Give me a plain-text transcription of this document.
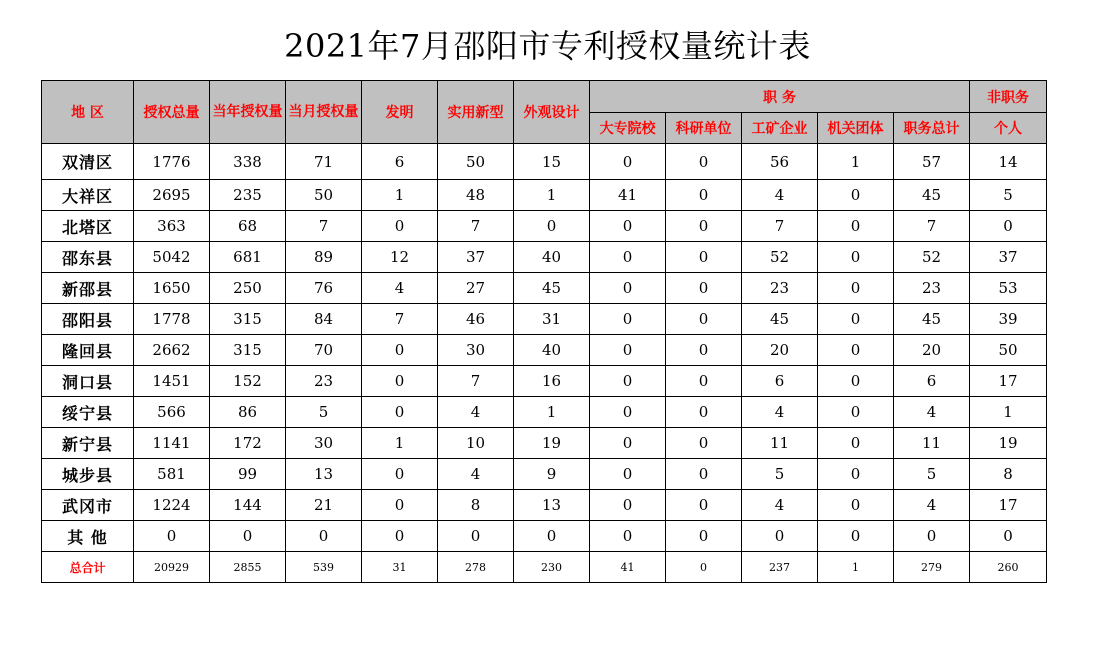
2021年7月邵阳市专利授权量统计表
地 区	授权总量	当年授权量	当月授权量	发明	实用新型	外观设计	职 务					非职务
							大专院校	科研单位	工矿企业	机关团体	职务总计	个人
双清区	1776	338	71	6	50	15	0	0	56	1	57	14
大祥区	2695	235	50	1	48	1	41	0	4	0	45	5
北塔区	363	68	7	0	7	0	0	0	7	0	7	0
邵东县	5042	681	89	12	37	40	0	0	52	0	52	37
新邵县	1650	250	76	4	27	45	0	0	23	0	23	53
邵阳县	1778	315	84	7	46	31	0	0	45	0	45	39
隆回县	2662	315	70	0	30	40	0	0	20	0	20	50
洞口县	1451	152	23	0	7	16	0	0	6	0	6	17
绥宁县	566	86	5	0	4	1	0	0	4	0	4	1
新宁县	1141	172	30	1	10	19	0	0	11	0	11	19
城步县	581	99	13	0	4	9	0	0	5	0	5	8
武冈市	1224	144	21	0	8	13	0	0	4	0	4	17
其 他	0	0	0	0	0	0	0	0	0	0	0	0
总合计	20929	2855	539	31	278	230	41	0	237	1	279	260
